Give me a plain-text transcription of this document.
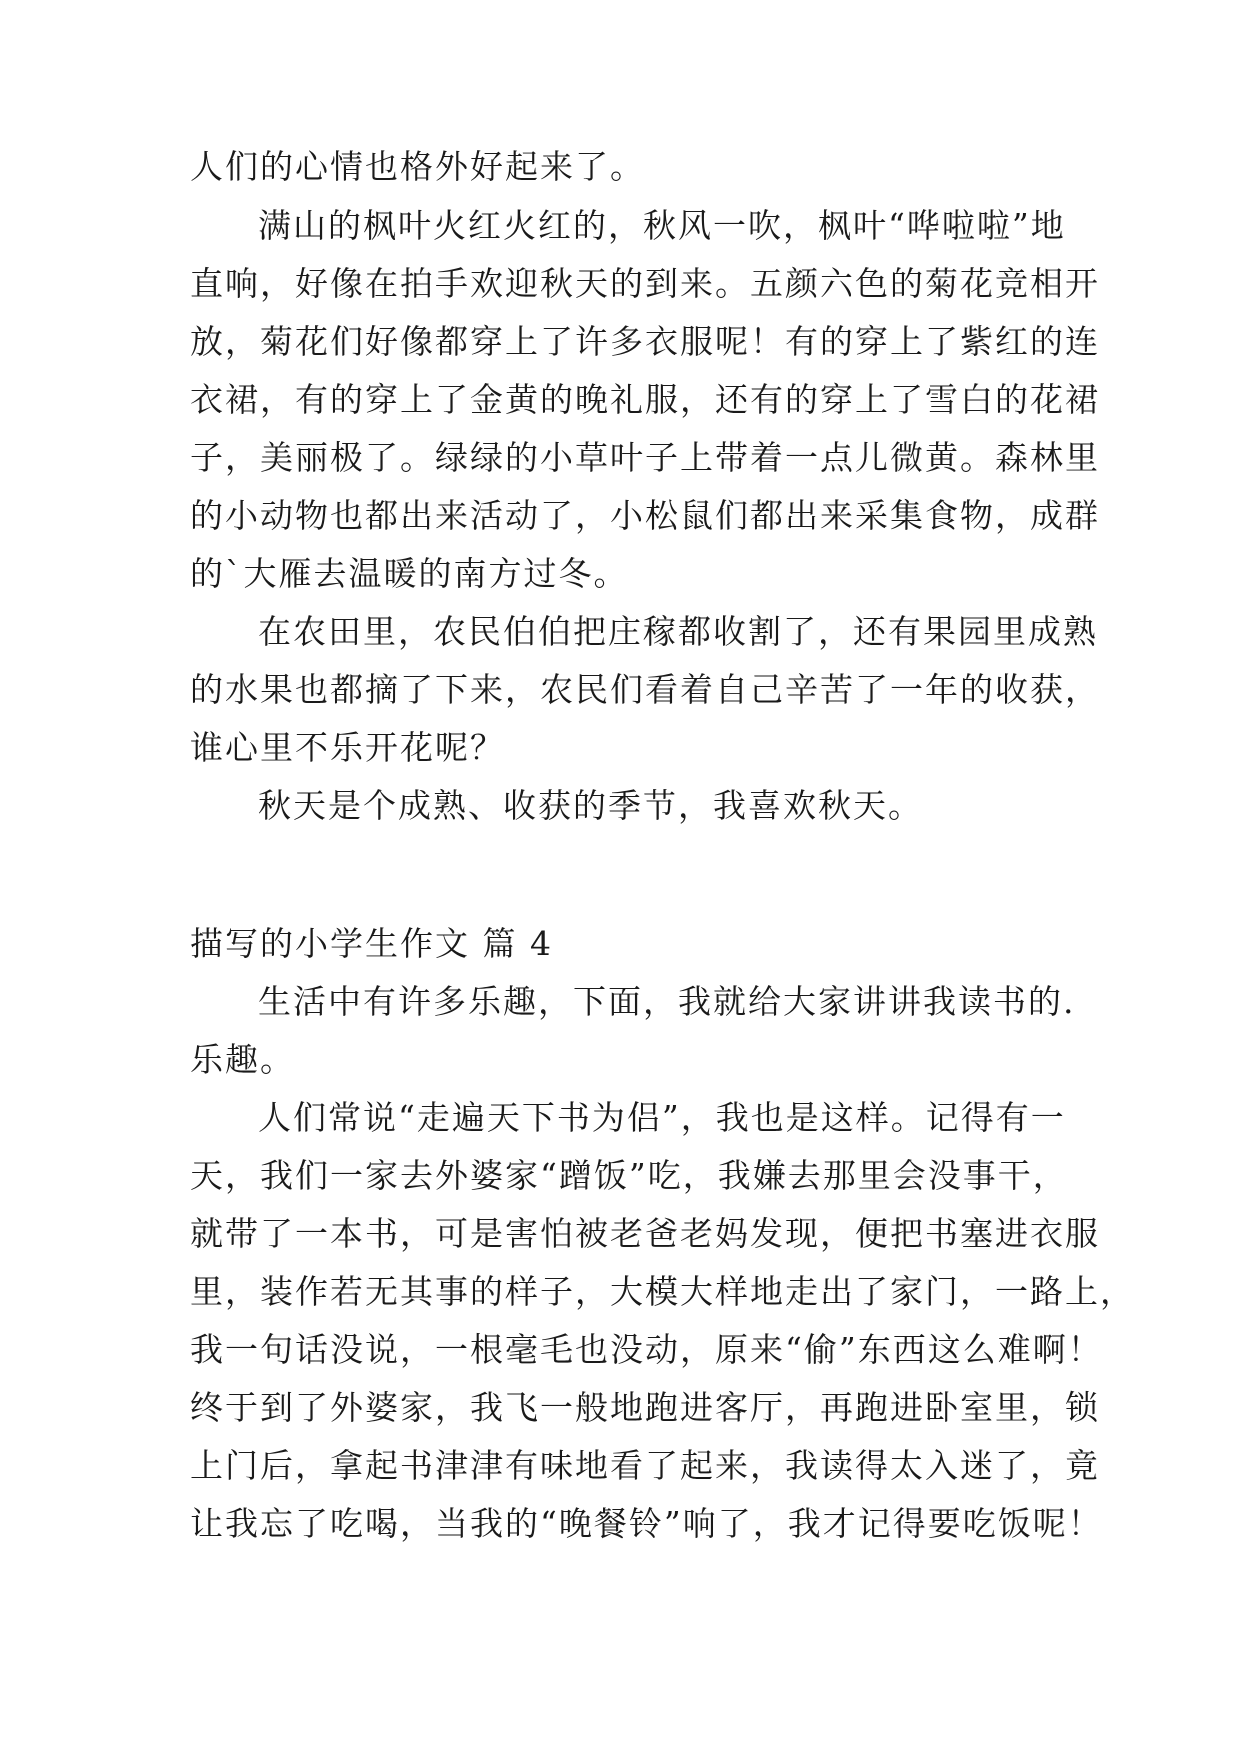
人们的心情也格外好起来了。
满山的枫叶火红火红的，秋风一吹，枫叶“哗啦啦”地
直响，好像在拍手欢迎秋天的到来。五颜六色的菊花竞相开
放，菊花们好像都穿上了许多衣服呢！有的穿上了紫红的连
衣裙，有的穿上了金黄的晚礼服，还有的穿上了雪白的花裙
子，美丽极了。绿绿的小草叶子上带着一点儿微黄。森林里
的小动物也都出来活动了，小松鼠们都出来采集食物，成群
的`大雁去温暖的南方过冬。
在农田里，农民伯伯把庄稼都收割了，还有果园里成熟
的水果也都摘了下来，农民们看着自己辛苦了一年的收获，
谁心里不乐开花呢？
秋天是个成熟、收获的季节，我喜欢秋天。
描写的小学生作文 篇 4
生活中有许多乐趣，下面，我就给大家讲讲我读书的.
乐趣。
人们常说“走遍天下书为侣”，我也是这样。记得有一
天，我们一家去外婆家“蹭饭”吃，我嫌去那里会没事干，
就带了一本书，可是害怕被老爸老妈发现，便把书塞进衣服
里，装作若无其事的样子，大模大样地走出了家门，一路上，
我一句话没说，一根毫毛也没动，原来“偷”东西这么难啊！
终于到了外婆家，我飞一般地跑进客厅，再跑进卧室里，锁
上门后，拿起书津津有味地看了起来，我读得太入迷了，竟
让我忘了吃喝，当我的“晚餐铃”响了，我才记得要吃饭呢！
